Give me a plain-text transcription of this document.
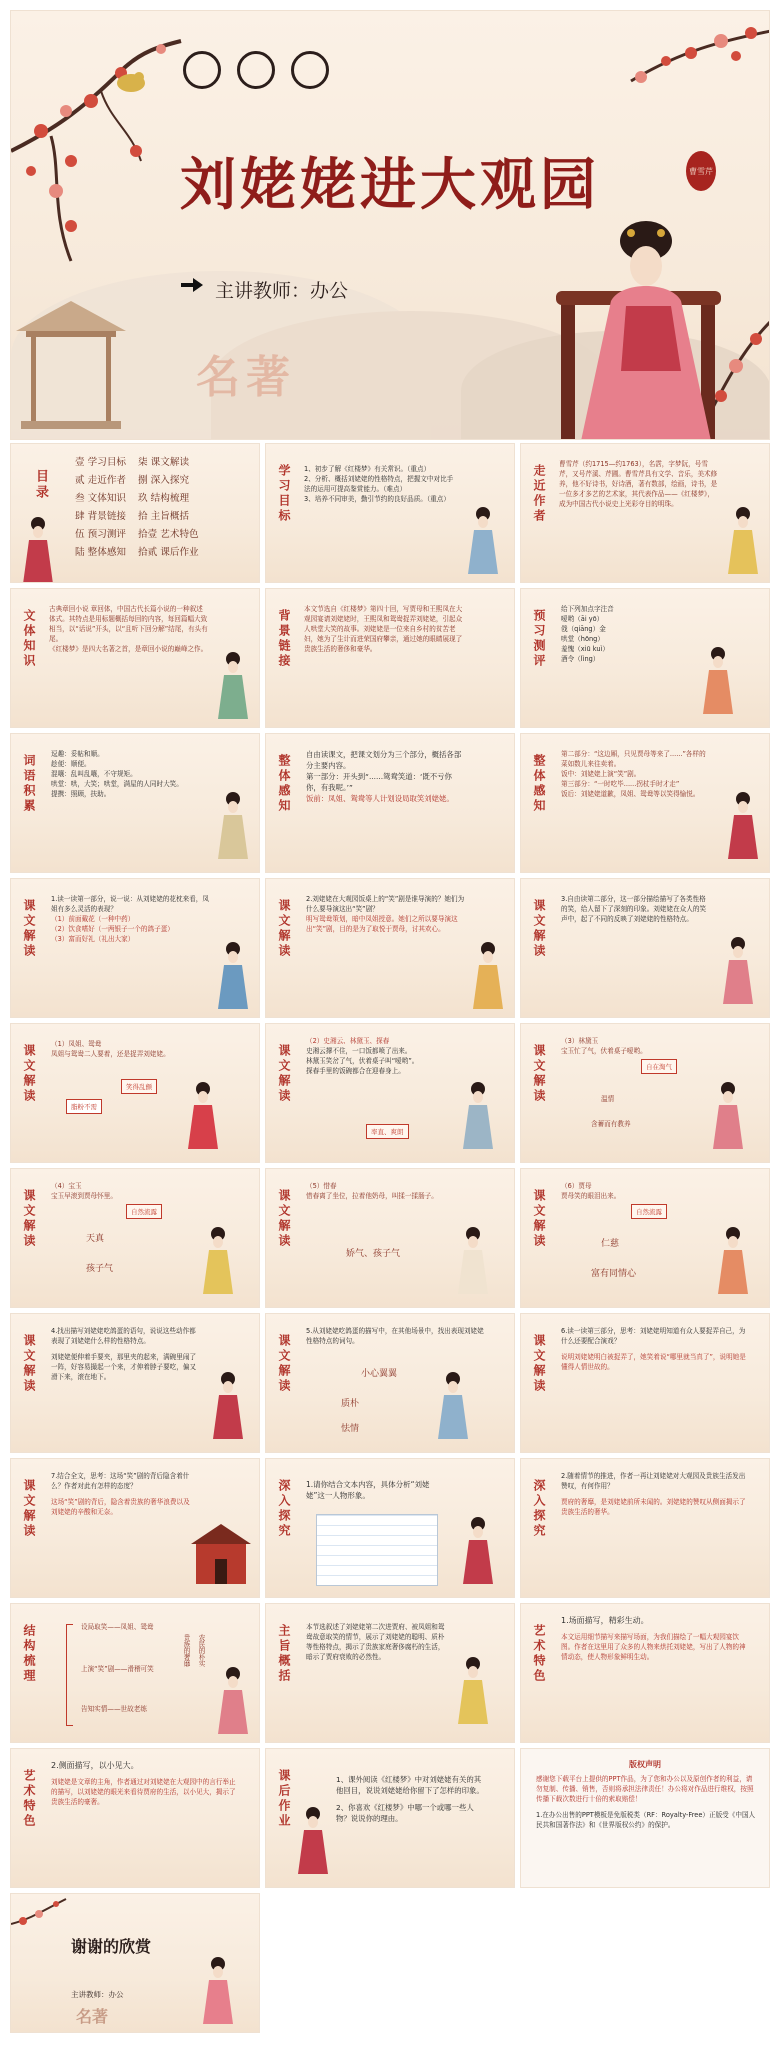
刘姥姥进大观园	曹雪芹
主讲教师：办公
名著
目录
壹 学习目标	柒 课文解读
贰 走近作者	捌 深入探究
叁 文体知识	玖 结构梳理
肆 背景链接	拾 主旨概括
伍 预习测评	拾壹 艺术特色
陆 整体感知	拾贰 课后作业
学习目标	1、初步了解《红楼梦》有关常识。（重点）
2、分析、概括刘姥姥的性格特点，把握文中对比手法的运用可提高鉴赏能力。（难点）
3、培养不同审美，勤引节约的良好品质。（重点）	走近作者	曹雪芹（约1715—约1763），名霑，字梦阮，号雪芹，又号芹溪、芹圃。曹雪芹具有文学、音乐，美术修养，他不好诗书，好诗酒，著有数部，绘画，诗书，是一位多才多艺的艺术家，其代表作品——《红楼梦》，成为中国古代小说史上光彩夺目的明珠。
文体知识	古典章回小说 章回体，中国古代长篇小说的一种叙述体式。其特点是用标题概括每回的内容，每回篇幅大致相当，以“话说”开头，以“且听下回分解”结尾，有头有尾。
《红楼梦》是四大名著之首，是章回小说的巅峰之作。	背景链接	本文节选自《红楼梦》第四十回，写贾母和王熙凤在大观园宴请刘姥姥时，王熙凤和鸳鸯捉弄刘姥姥，引起众人哄堂大笑的故事。刘姥姥是一位来自乡村的贫苦老妇，她为了生计而进荣国府攀亲，通过她的眼睛展现了贵族生活的奢侈和豪华。	预习测评	给下列加点字注音
嗳哟（āi yō）
戗（qiāng）金
哄堂（hōng）
羞愧（xiū kuì）
酒令（lìng）
词语积累	逗趣：妥帖和顺。
趁便：顺便。
混嚷：乱叫乱嚷，不守规矩。
哄堂：哄，大笑；哄堂，满屋的人同时大笑。
提携：照顾，扶助。	整体感知 自由读课文，把课文划分为三个部分，概括各部分主要内容。
第一部分：开头到“......鸳鸯笑道：‘既不亏你你，有我呢。’”
饭前：凤姐、鸳鸯等人计划设局取笑刘姥姥。	整体感知	第二部分：“这边厢，只见贾母等来了......”各样的菜如数儿来往卖着。
饭中：刘姥姥上演“笑”剧。
第三部分：“一时吃毕......拐杖手时才走”
饭后：刘姥姥道歉，凤姐、鸳鸯等以笑得愉悦。
课文解读	1.读一读第一部分，说一说：从刘姥姥的花枕来看，凤姐有多么灵活的表现？
（1）前面戴花（一种中药）
（2）饮食嗜好（一两银子一个的鸽子蛋）
（3）富而好礼（礼出大家）	课文解读	2.刘姥姥在大观园饭桌上的“笑”剧是谁导演的？她们为什么要导演这出“笑”剧？
明写鸳鸯策划，暗中凤姐授意。她们之所以要导演这出“笑”剧，目的是为了取悦于贾母，讨其欢心。	课文解读	3.自由读第二部分，这一部分描绘描写了各类性格的笑，给人留下了深刻的印象。刘姥姥在众人的笑声中，起了不同的反映了刘姥姥的性格特点。
课文解读	（1）凤姐、鸳鸯
凤姐与鸳鸯二人要着，还是捉弄刘姥姥。
笑得乱颤
脂粉不需
课文解读
（2）史湘云、林黛玉、探春
史湘云撑不住，一口饭都喷了出来。
林黛玉笑岔了气，伏着桌子叫“嗳哟”。
探春手里的饭碗都合在迎春身上。
率直、爽朗
课文解读
（3）林黛玉
宝玉忙了气，伏着桌子嗳哟。
自在淘气
温情
含蓄而有教养
课文解读
（4）宝玉
宝玉早滚到贾母怀里。
自然流露
天真
孩子气
课文解读
（5）惜春
惜春离了坐位，拉着他奶母，叫揉一揉肠子。
娇气、孩子气
课文解读
（6）贾母
贾母笑的眼泪出来。
自然流露
仁慈
富有同情心
课文解读
4.找出描写刘姥姥吃鸽蛋的语句，说说这些动作都表现了刘姥姥什么样的性格特点。
刘姥姥便伸着手要夹，那里夹的起来，满碗里闹了一阵，好容易撮起一个来，才伸着脖子要吃，偏又滑下来，滚在地下。	课文解读
5.从刘姥姥吃鸽蛋的描写中，在其他场景中，找出表现刘姥姥性格特点的词句。
小心翼翼
质朴
怯情
课文解读
6.读一读第三部分，思考：刘姥姥明知道有众人要捉弄自己，为什么还要配合演戏？
说明刘姥姥明白被捉弄了，她笑着说“哪里就当真了”，说明她是懂得人情世故的。
课文解读
7.结合全文，思考：这场“笑”剧的背后隐含着什么？作者对此有怎样的态度？
这场“笑”剧的背后，隐含着贵族的奢华浪费以及刘姥姥的辛酸和无奈。	深入探究 1.请你结合文本内容，具体分析“刘姥姥”这一人物形象。	深入探究
2.随着情节的推进，作者一再让刘姥姥对大观园及贵族生活发出赞叹，有何作用？
贾府的奢靡，是刘姥姥前所未闻的。刘姥姥的赞叹从侧面揭示了贵族生活的奢华。
结构梳理	设局取笑——凤姐、鸳鸯
上演“笑”剧——滑稽可笑
告知实情——世故老练
贵族的奢靡 农民的朴实	主旨概括	本节选叙述了刘姥姥第二次进贾府、被凤姐和鸳鸯故意取笑的情节，展示了刘姥姥的聪明、质朴等性格特点，揭示了贵族家庭奢侈腐朽的生活，暗示了贾府衰败的必然性。	艺术特色
1.场面描写，精彩生动。
本文运用细节描写来描写场面，为我们描绘了一幅大观园宴饮图。作者在这里用了众多的人物来烘托刘姥姥，写出了人物的神情动态，使人物形象鲜明生动。
艺术特色
2.侧面描写，以小见大。
刘姥姥是文章的主角，作者通过对刘姥姥在大观园中的言行举止的描写，以刘姥姥的眼光来看待贾府的生活，以小见大，揭示了贵族生活的豪奢。	课后作业	1、课外阅读《红楼梦》中对刘姥姥有关的其他回目，说说刘姥姥给你留下了怎样的印象。
2、你喜欢《红楼梦》中哪一个或哪一些人物？说说你的理由。
版权声明
感谢您下载平台上提供的PPT作品，为了您和办公以及原创作者的利益，请勿复制、传播、销售，否则将承担法律责任！办公将对作品进行维权，按照传播下载次数进行十倍的索取赔偿！
1.在办公出售的PPT模板是免版税类（RF：Royalty-Free）正版受《中国人民共和国著作法》和《世界版权公约》的保护。
谢谢的欣赏
主讲教师：办公
名著
